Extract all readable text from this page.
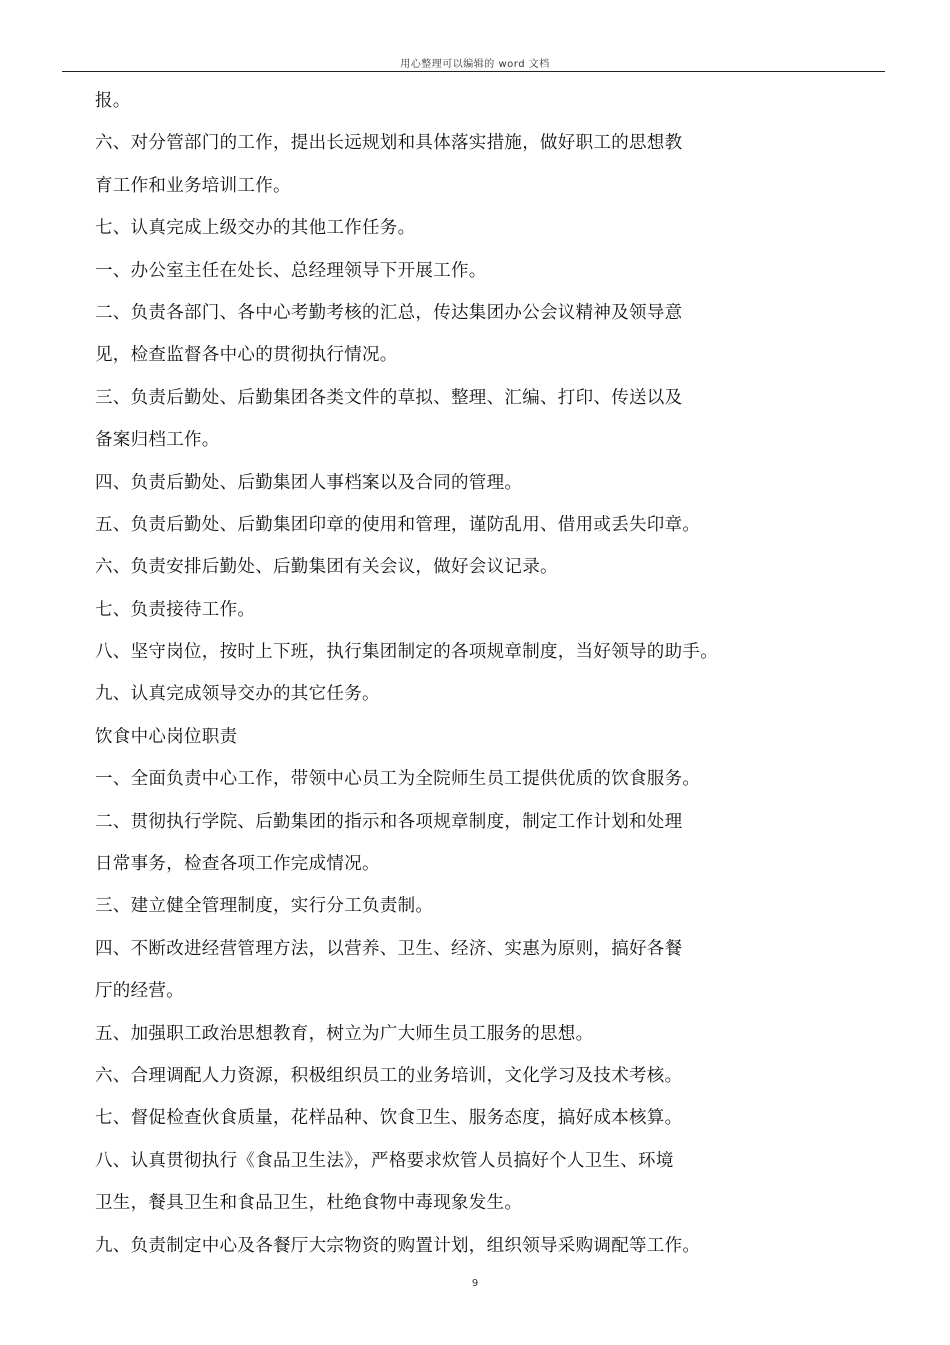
用心整理可以编辑的 word 文档
报。
六、对分管部门的工作，提出长远规划和具体落实措施，做好职工的思想教
育工作和业务培训工作。
七、认真完成上级交办的其他工作任务。
一、办公室主任在处长、总经理领导下开展工作。
二、负责各部门、各中心考勤考核的汇总，传达集团办公会议精神及领导意
见，检查监督各中心的贯彻执行情况。
三、负责后勤处、后勤集团各类文件的草拟、整理、汇编、打印、传送以及
备案归档工作。
四、负责后勤处、后勤集团人事档案以及合同的管理。
五、负责后勤处、后勤集团印章的使用和管理，谨防乱用、借用或丢失印章。
六、负责安排后勤处、后勤集团有关会议，做好会议记录。
七、负责接待工作。
八、坚守岗位，按时上下班，执行集团制定的各项规章制度，当好领导的助手。
九、认真完成领导交办的其它任务。
饮食中心岗位职责
一、全面负责中心工作，带领中心员工为全院师生员工提供优质的饮食服务。
二、贯彻执行学院、后勤集团的指示和各项规章制度，制定工作计划和处理
日常事务，检查各项工作完成情况。
三、建立健全管理制度，实行分工负责制。
四、不断改进经营管理方法，以营养、卫生、经济、实惠为原则，搞好各餐
厅的经营。
五、加强职工政治思想教育，树立为广大师生员工服务的思想。
六、合理调配人力资源，积极组织员工的业务培训，文化学习及技术考核。
七、督促检查伙食质量，花样品种、饮食卫生、服务态度，搞好成本核算。
八、认真贯彻执行《食品卫生法》，严格要求炊管人员搞好个人卫生、环境
卫生，餐具卫生和食品卫生，杜绝食物中毒现象发生。
九、负责制定中心及各餐厅大宗物资的购置计划，组织领导采购调配等工作。
9
